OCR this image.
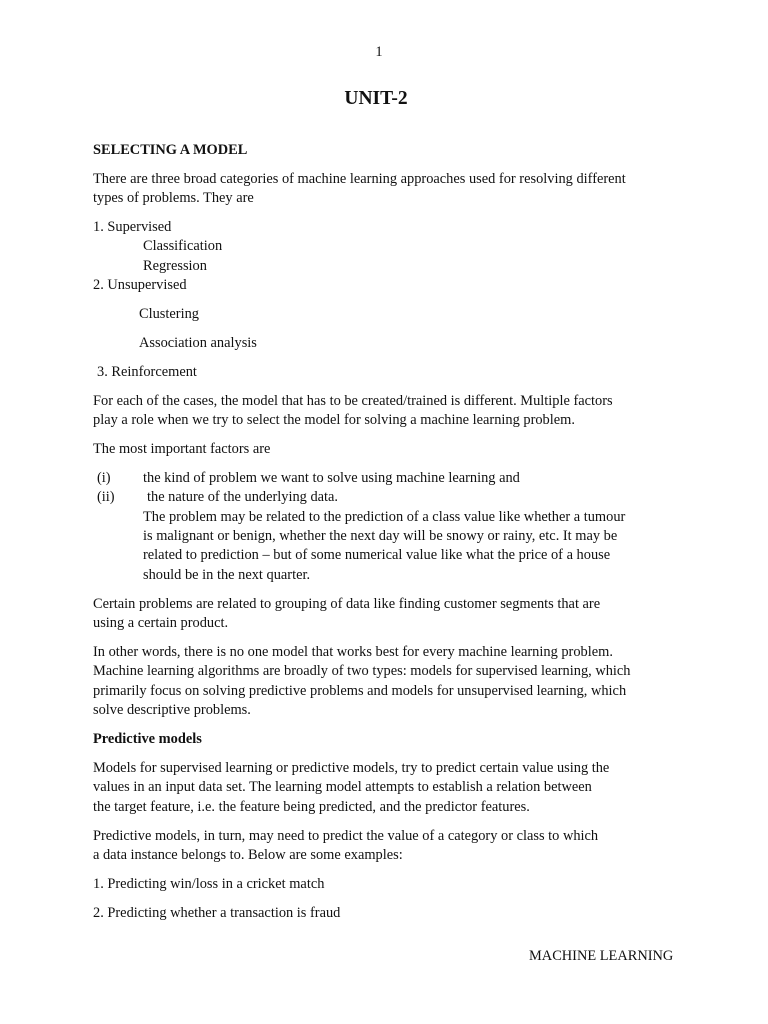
1

UNIT-2

SELECTING A MODEL

There are three broad categories of machine learning approaches used for resolving different

types of problems. They are

1. Supervised

Classification

Regression

2. Unsupervised

Clustering

Association analysis

3. Reinforcement

For each of the cases, the model that has to be created/trained is different. Multiple factors

play a role when we try to select the model for solving a machine learning problem.

The most important factors are

(i) the kind of problem we want to solve using machine learning and

(ii) the nature of the underlying data.

The problem may be related to the prediction of a class value like whether a tumour

is malignant or benign, whether the next day will be snowy or rainy, etc. It may be

related to prediction – but of some numerical value like what the price of a house

should be in the next quarter.

Certain problems are related to grouping of data like finding customer segments that are

using a certain product.

In other words, there is no one model that works best for every machine learning problem.

Machine learning algorithms are broadly of two types: models for supervised learning, which

primarily focus on solving predictive problems and models for unsupervised learning, which

solve descriptive problems.

Predictive models

Models for supervised learning or predictive models, try to predict certain value using the

values in an input data set. The learning model attempts to establish a relation between

the target feature, i.e. the feature being predicted, and the predictor features.

Predictive models, in turn, may need to predict the value of a category or class to which

a data instance belongs to. Below are some examples:

1. Predicting win/loss in a cricket match

2. Predicting whether a transaction is fraud

MACHINE LEARNING
